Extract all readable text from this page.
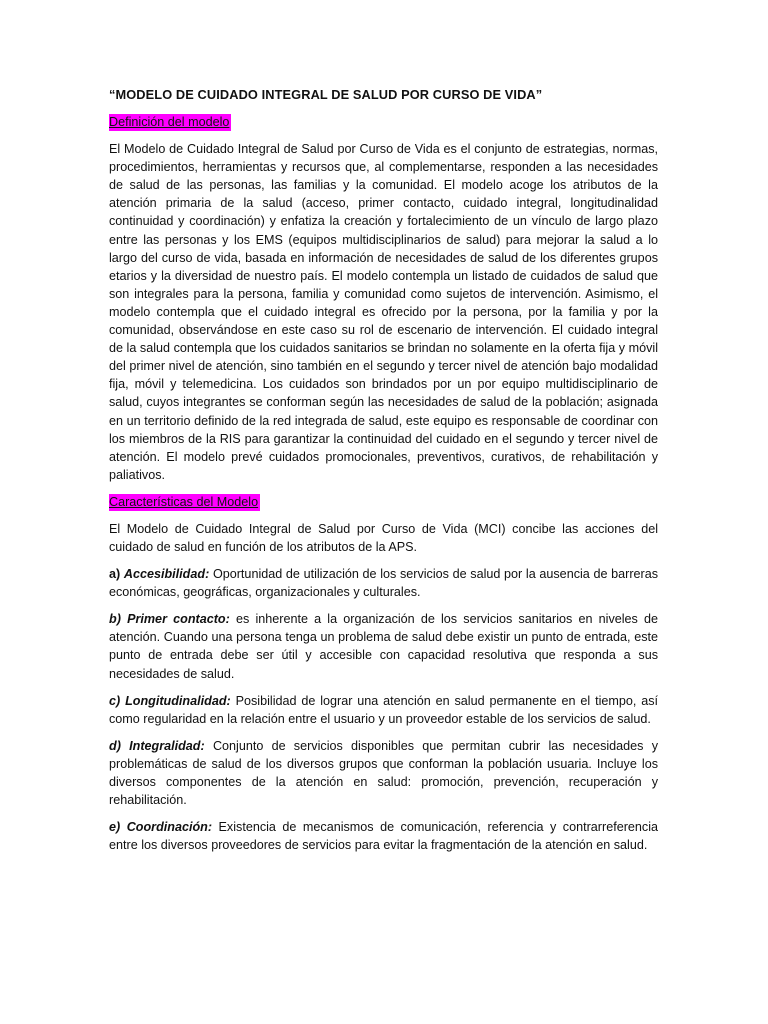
“MODELO DE CUIDADO INTEGRAL DE SALUD POR CURSO DE VIDA”
Definición del modelo

El Modelo de Cuidado Integral de Salud por Curso de Vida es el conjunto de estrategias, normas, procedimientos, herramientas y recursos que, al complementarse, responden a las necesidades de salud de las personas, las familias y la comunidad. El modelo acoge los atributos de la atención primaria de la salud (acceso, primer contacto, cuidado integral, longitudinalidad continuidad y coordinación) y enfatiza la creación y fortalecimiento de un vínculo de largo plazo entre las personas y los EMS (equipos multidisciplinarios de salud) para mejorar la salud a lo largo del curso de vida, basada en información de necesidades de salud de los diferentes grupos etarios y la diversidad de nuestro país. El modelo contempla un listado de cuidados de salud que son integrales para la persona, familia y comunidad como sujetos de intervención. Asimismo, el modelo contempla que el cuidado integral es ofrecido por la persona, por la familia y por la comunidad, observándose en este caso su rol de escenario de intervención. El cuidado integral de la salud contempla que los cuidados sanitarios se brindan no solamente en la oferta fija y móvil del primer nivel de atención, sino también en el segundo y tercer nivel de atención bajo modalidad fija, móvil y telemedicina. Los cuidados son brindados por un por equipo multidisciplinario de salud, cuyos integrantes se conforman según las necesidades de salud de la población; asignada en un territorio definido de la red integrada de salud, este equipo es responsable de coordinar con los miembros de la RIS para garantizar la continuidad del cuidado en el segundo y tercer nivel de atención. El modelo prevé cuidados promocionales, preventivos, curativos, de rehabilitación y paliativos.

Características del Modelo

El Modelo de Cuidado Integral de Salud por Curso de Vida (MCI) concibe las acciones del cuidado de salud en función de los atributos de la APS.

a) Accesibilidad: Oportunidad de utilización de los servicios de salud por la ausencia de barreras económicas, geográficas, organizacionales y culturales.

b) Primer contacto: es inherente a la organización de los servicios sanitarios en niveles de atención. Cuando una persona tenga un problema de salud debe existir un punto de entrada, este punto de entrada debe ser útil y accesible con capacidad resolutiva que responda a sus necesidades de salud.

c) Longitudinalidad: Posibilidad de lograr una atención en salud permanente en el tiempo, así como regularidad en la relación entre el usuario y un proveedor estable de los servicios de salud.

d) Integralidad: Conjunto de servicios disponibles que permitan cubrir las necesidades y problemáticas de salud de los diversos grupos que conforman la población usuaria. Incluye los diversos componentes de la atención en salud: promoción, prevención, recuperación y rehabilitación.

e) Coordinación: Existencia de mecanismos de comunicación, referencia y contrarreferencia entre los diversos proveedores de servicios para evitar la fragmentación de la atención en salud.
